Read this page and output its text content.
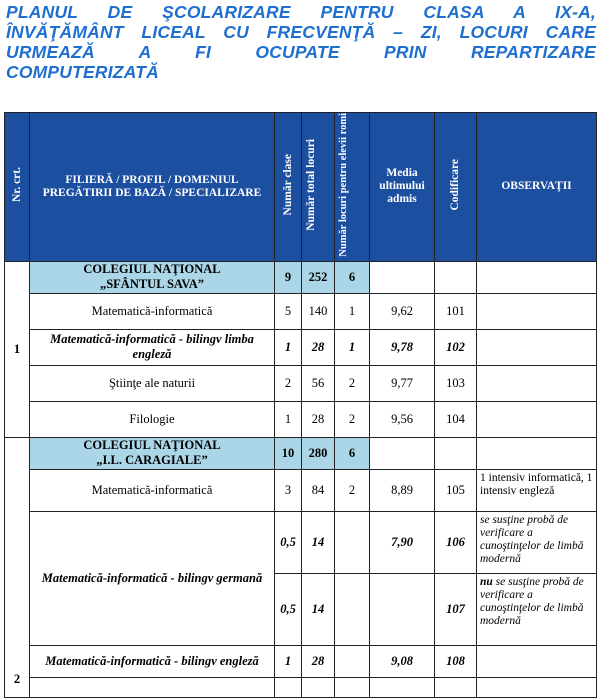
PLANUL DE ŞCOLARIZARE PENTRU CLASA A IX-A,
ÎNVĂŢĂMÂNT LICEAL CU FRECVENŢĂ – ZI, LOCURI CARE
URMEAZĂ A FI OCUPATE PRIN REPARTIZARE
COMPUTERIZATĂ
Nr. crt.	FILIERĂ / PROFIL / DOMENIUL PREGĂTIRII DE BAZĂ / SPECIALIZARE	Număr clase	Număr total locuri	Număr locuri pentru elevii romi	Media ultimului admis	Codificare	OBSERVAŢII
1	COLEGIUL NAŢIONAL
„SFÂNTUL SAVA”	9	252	6			
	Matematică-informatică	5	140	1	9,62	101	
	Matematică-informatică - bilingv limba engleză	1	28	1	9,78	102	
	Ştiinţe ale naturii	2	56	2	9,77	103	
	Filologie	1	28	2	9,56	104	
2	COLEGIUL NAŢIONAL
„I.L. CARAGIALE”	10	280	6			
	Matematică-informatică	3	84	2	8,89	105	1 intensiv informatică, 1 intensiv engleză
	Matematică-informatică - bilingv germană	0,5	14		7,90	106	se susţine probă de verificare a cunoştinţelor de limbă modernă
		0,5	14			107	nu se susţine probă de verificare a cunoştinţelor de limbă modernă
	Matematică-informatică - bilingv engleză	1	28		9,08	108	
